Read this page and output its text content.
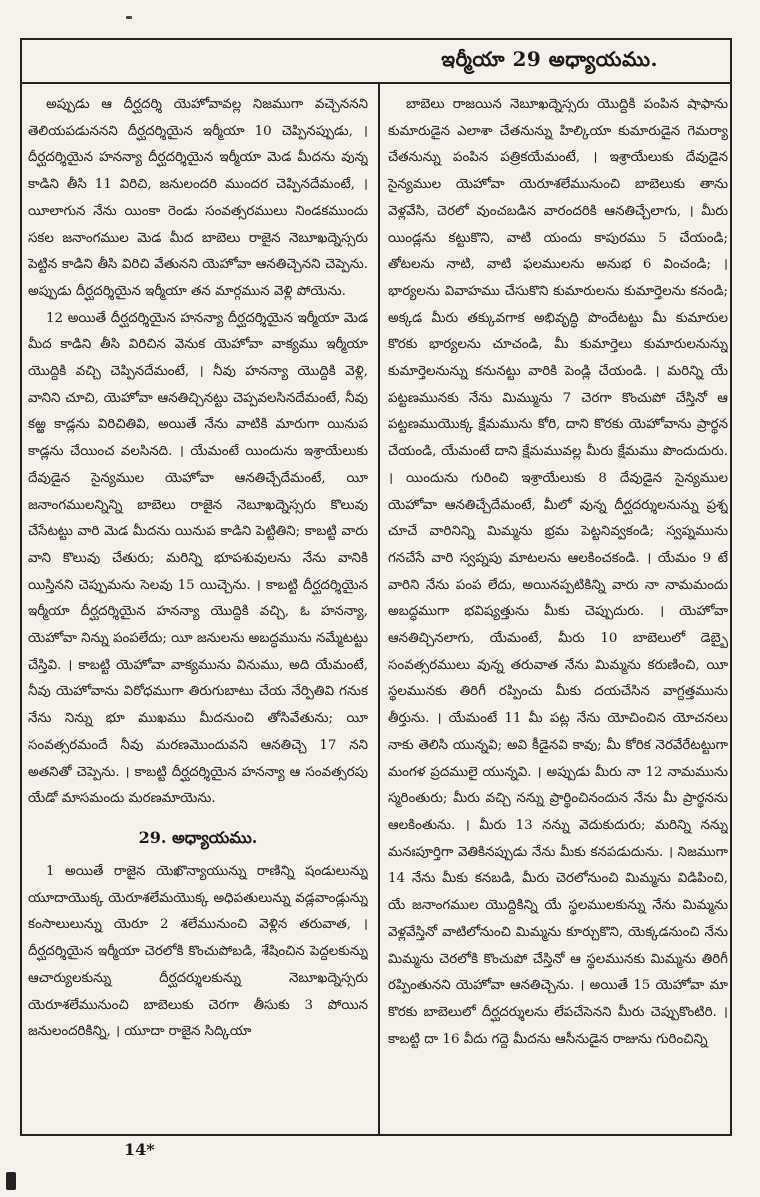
ఇర్మీయా 29 అధ్యాయము.

అప్పుడు ఆ దీర్ఘదర్శి యెహోవావల్ల నిజముగా వచ్చెననని తెలియపడుననని దీర్ఘదర్శియైన ఇర్మీయా 10 చెప్పినప్పుడు, । దీర్ఘదర్శియైన హనన్యా దీర్ఘదర్శియైన ఇర్మీయా మెడ మీదను వున్న కాడిని తీసి 11 విరిచి, జనులందరి ముందర చెప్పినదేమంటే, । యీలాగున నేను యింకా రెండు సంవత్సరములు నిండకముందు సకల జనాంగముల మెడ మీద బాబెలు రాజైన నెబూఖద్నెస్సరు పెట్టిన కాడిని తీసి విరిచి వేతునని యెహోవా ఆనతిచ్చెనని చెప్పెను. అప్పుడు దీర్ఘదర్శియైన ఇర్మీయా తన మార్గమున వెళ్లి పోయెను.

12 అయితే దీర్ఘదర్శియైన హనన్యా దీర్ఘదర్శియైన ఇర్మీయా మెడ మీద కాడిని తీసి విరిచిన వెనుక యెహోవా వాక్యము ఇర్మీయా యొద్దికి వచ్చి చెప్పినదేమంటే, । నీవు హనన్యా యొద్దికి వెళ్లి, వానిని చూచి, యెహోవా ఆనతిచ్చినట్టు చెప్పవలసినదేమంటే, నీవు కఱ్ఱ కాడ్లను విరిచితివి, అయితే నేను వాటికి మారుగా యినుప కాడ్లను చేయించ వలసినది. । యేమంటే యిందును ఇశ్రాయేలుకు దేవుడైన సైన్యముల యెహోవా ఆనతిచ్చేదేమంటే, యీ జనాంగములన్నిన్ని బాబెలు రాజైన నెబూఖద్నెస్సరు కొలువు చేసేటట్టు వారి మెడ మీదను యినుప కాడిని పెట్టితిని; కాబట్టి వారు వాని కొలువు చేతురు; మరిన్ని భూపశువులను నేను వానికి యిస్తినని చెప్పుమను సెలవు 15 యిచ్చెను. । కాబట్టి దీర్ఘదర్శియైన ఇర్మీయా దీర్ఘదర్శియైన హనన్యా యొద్దికి వచ్చి, ఓ హనన్యా, యెహోవా నిన్ను పంపలేదు; యీ జనులను అబద్ధమును నమ్మేటట్టు చేస్తివి. । కాబట్టి యెహోవా వాక్యమును వినుము, అది యేమంటే, నీవు యెహోవాను విరోధముగా తిరుగుబాటు చేయ నేర్పితివి గనుక నేను నిన్ను భూ ముఖము మీదనుంచి తోసివేతును; యీ సంవత్సరమందే నీవు మరణమొందువని ఆనతిచ్చె 17 నని అతనితో చెప్పెను. । కాబట్టి దీర్ఘదర్శియైన హనన్యా ఆ సంవత్సరపు యేడో మాసమందు మరణమాయెను.

29. అధ్యాయము.

1 అయితే రాజైన యెఖొన్యాయున్ను రాణిన్ని షండులున్ను యూదాయొక్క యెరూశలేమయొక్క అధిపతులున్ను వడ్లవాండ్లున్ను కంసాలులున్ను యెరూ 2 శలేమునుంచి వెళ్లిన తరువాత, । దీర్ఘదర్శియైన ఇర్మీయా చెరలోకి కొంచుపోబడి, శేషించిన పెద్దలకున్ను ఆచార్యులకున్ను దీర్ఘదర్శులకున్ను నెబూఖద్నెస్సరు యెరూశలేమునుంచి బాబెలుకు చెరగా తీసుకు 3 పోయిన జనులందరికిన్ని, । యూదా రాజైన సిద్కియా

బాబెలు రాజయిన నెబూఖద్నెస్సరు యొద్దికి పంపిన షాఫాను కుమారుడైన ఎలాశా చేతనున్ను హిల్కియా కుమారుడైన గెమర్యా చేతనున్ను పంపిన పత్రికయేమంటే, । ఇశ్రాయేలుకు దేవుడైన సైన్యముల యెహోవా యెరూశలేమునుంచి బాబెలుకు తాను వెళ్లవేసి, చెరలో వుంచబడిన వారందరికి ఆనతిచ్చేలాగు, । మీరు యిండ్లను కట్టుకొని, వాటి యందు కాపురము 5 చేయండి; తోటలను నాటి, వాటి ఫలములను అనుభ 6 వించండి; । భార్యలను వివాహము చేసుకొని కుమారులను కుమార్తెలను కనండి; అక్కడ మీరు తక్కువగాక అభివృద్ధి పొందేటట్టు మీ కుమారుల కొరకు భార్యలను చూచండి, మీ కుమార్తెలు కుమారులనున్ను కుమార్తెలనున్ను కనునట్టు వారికి పెండ్లి చేయండి. । మరిన్ని యే పట్టణమునకు నేను మిమ్మును 7 చెరగా కొంచుపో చేస్తినో ఆ పట్టణముయొక్క క్షేమమును కోరి, దాని కొరకు యెహోవాను ప్రార్థన చేయండి, యేమంటే దాని క్షేమమువల్ల మీరు క్షేమము పొందుదురు. । యిందును గురించి ఇశ్రాయేలుకు 8 దేవుడైన సైన్యముల యెహోవా ఆనతిచ్చేదేమంటే, మీలో వున్న దీర్ఘదర్శులనున్ను ప్రశ్న చూచే వారినిన్ని మిమ్మను భ్రమ పెట్టనివ్వకండి; స్వప్నమును గనచేసే వారి స్వప్నపు మాటలను ఆలకించకండి. । యేమం 9 టే వారిని నేను పంప లేదు, అయినప్పటికిన్ని వారు నా నామమందు అబద్ధముగా భవిష్యత్తును మీకు చెప్పుదురు. । యెహోవా ఆనతిచ్చినలాగు, యేమంటే, మీరు 10 బాబెలులో డెబ్బై సంవత్సరములు వున్న తరువాత నేను మిమ్మను కరుణించి, యీ స్థలమునకు తిరిగీ రప్పించు మీకు దయచేసిన వాగ్దత్తమును తీర్తును. । యేమంటే 11 మీ పట్ల నేను యోచించిన యోచనలు నాకు తెలిసి యున్నవి; అవి కీడైనవి కావు; మీ కోరిక నెరవేరేటట్టుగా మంగళ ప్రదములై యున్నవి. । అప్పుడు మీరు నా 12 నామమును స్మరింతురు; మీరు వచ్చి నన్ను ప్రార్థించినందున నేను మీ ప్రార్థనను ఆలకింతును. । మీరు 13 నన్ను వెదుకుదురు; మరిన్ని నన్ను మనఃపూర్తిగా వెతికినప్పుడు నేను మీకు కనపడుదును. । నిజముగా 14 నేను మీకు కనబడి, మీరు చెరలోనుంచి మిమ్మను విడిపించి, యే జనాంగముల యొద్దికిన్ని యే స్థలములకున్ను నేను మిమ్మను వెళ్లవేస్తినో వాటిలోనుంచి మిమ్మను కూర్చుకొని, యెక్కడనుంచి నేను మిమ్మను చెరలోకి కొంచుపో చేస్తినో ఆ స్థలమునకు మిమ్మను తిరిగీ రప్పింతునని యెహోవా ఆనతిచ్చెను. । అయితే 15 యెహోవా మా కొరకు బాబెలులో దీర్ఘదర్శులను లేపచేసెనని మీరు చెప్పుకొంటిరి. । కాబట్టి దా 16 వీదు గద్దె మీదను ఆసీనుడైన రాజును గురించిన్ని

14*
